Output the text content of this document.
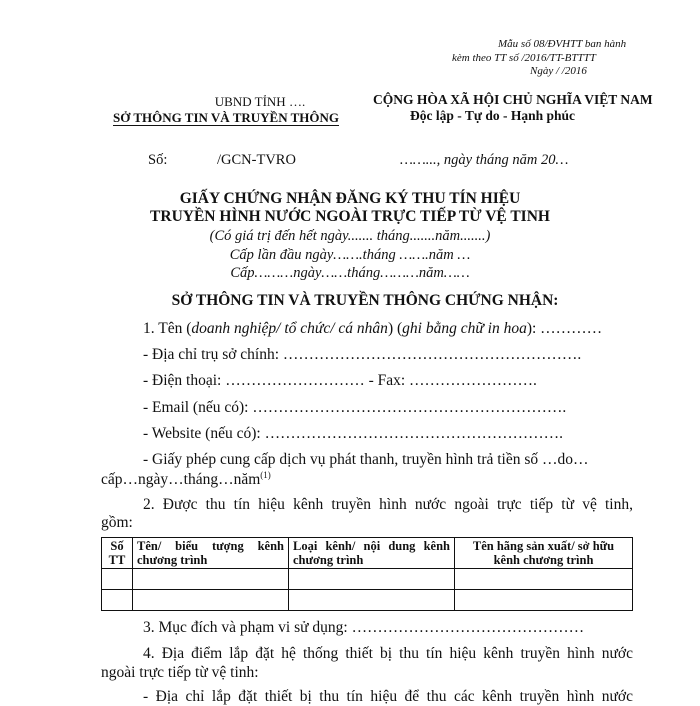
Mẫu số 08/ĐVHTT ban hành
kèm theo TT số /2016/TT-BTTTT
Ngày / /2016
UBND TỈNH ….
SỞ THÔNG TIN VÀ TRUYỀN THÔNG
CỘNG HÒA XÃ HỘI CHỦ NGHĨA VIỆT NAM
Độc lập - Tự do - Hạnh phúc
Số:	/GCN-TVRO	……..., ngày tháng năm 20…
GIẤY CHỨNG NHẬN ĐĂNG KÝ THU TÍN HIỆU
TRUYỀN HÌNH NƯỚC NGOÀI TRỰC TIẾP TỪ VỆ TINH
(Có giá trị đến hết ngày....... tháng.......năm.......)
Cấp lần đầu ngày…….tháng …….năm …
Cấp………ngày……tháng………năm……
SỞ THÔNG TIN VÀ TRUYỀN THÔNG CHỨNG NHẬN:
1. Tên (doanh nghiệp/ tổ chức/ cá nhân) (ghi bằng chữ in hoa): …………
- Địa chỉ trụ sở chính: ………………………………………………….
- Điện thoại: ……………………… - Fax: …………………….
- Email (nếu có): …………………………………………………….
- Website (nếu có): ………………………………………………….
- Giấy phép cung cấp dịch vụ phát thanh, truyền hình trả tiền số …do…
cấp…ngày…tháng…năm$^{(1)}$
2. Được thu tín hiệu kênh truyền hình nước ngoài trực tiếp từ vệ tinh,
gồm:
Số TT	Tên/ biểu tượng kênh chương trình	Loại kênh/ nội dung kênh chương trình	Tên hãng sản xuất/ sở hữu kênh chương trình

3. Mục đích và phạm vi sử dụng: ………………………………………
4. Địa điểm lắp đặt hệ thống thiết bị thu tín hiệu kênh truyền hình nước
ngoài trực tiếp từ vệ tinh:
- Địa chỉ lắp đặt thiết bị thu tín hiệu để thu các kênh truyền hình nước
